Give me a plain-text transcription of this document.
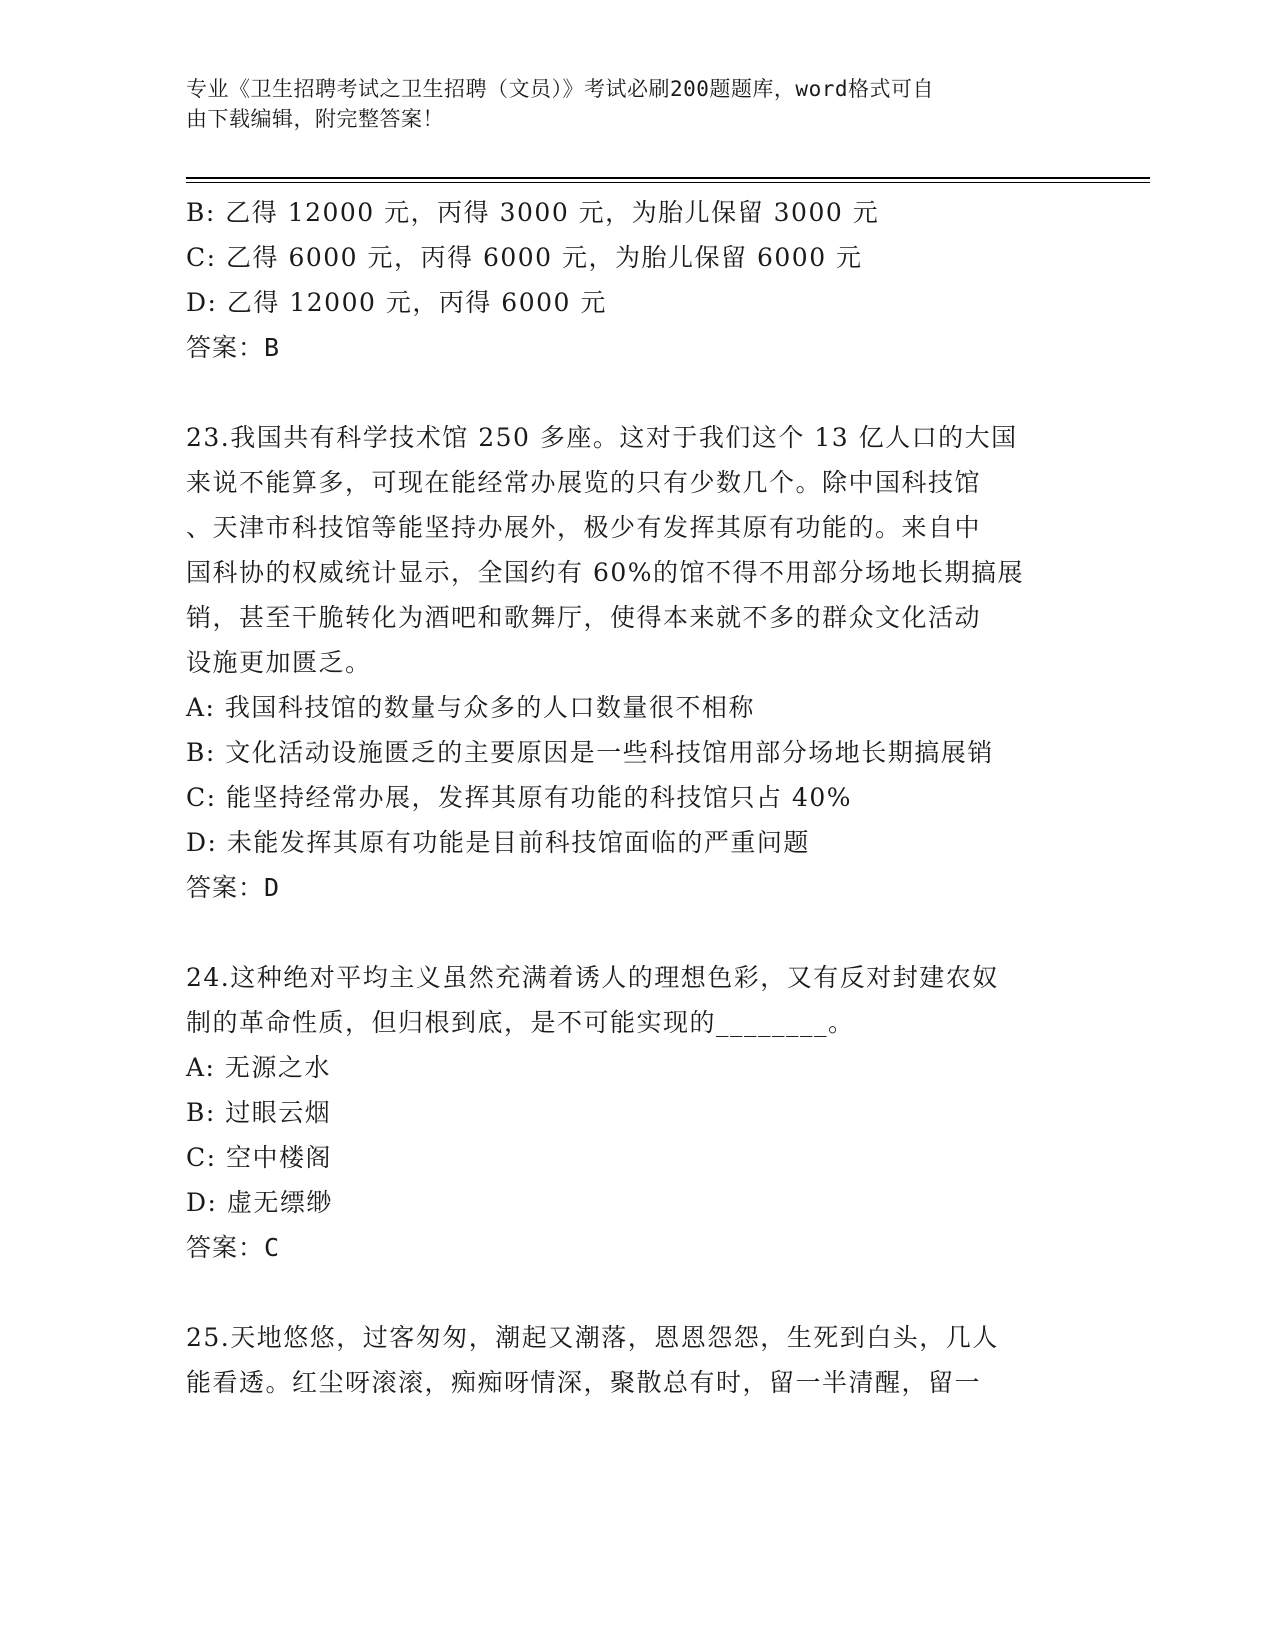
专业《卫生招聘考试之卫生招聘（文员）》考试必刷200题题库，word格式可自
由下载编辑，附完整答案！
B: 乙得 12000 元，丙得 3000 元，为胎儿保留 3000 元
C: 乙得 6000 元，丙得 6000 元，为胎儿保留 6000 元
D: 乙得 12000 元，丙得 6000 元
答案：B
23.我国共有科学技术馆 250 多座。这对于我们这个 13 亿人口的大国
来说不能算多，可现在能经常办展览的只有少数几个。除中国科技馆
、天津市科技馆等能坚持办展外，极少有发挥其原有功能的。来自中
国科协的权威统计显示，全国约有 60%的馆不得不用部分场地长期搞展
销，甚至干脆转化为酒吧和歌舞厅，使得本来就不多的群众文化活动
设施更加匮乏。
A: 我国科技馆的数量与众多的人口数量很不相称
B: 文化活动设施匮乏的主要原因是一些科技馆用部分场地长期搞展销
C: 能坚持经常办展，发挥其原有功能的科技馆只占 40%
D: 未能发挥其原有功能是目前科技馆面临的严重问题
答案：D
24.这种绝对平均主义虽然充满着诱人的理想色彩，又有反对封建农奴
制的革命性质，但归根到底，是不可能实现的________。
A: 无源之水
B: 过眼云烟
C: 空中楼阁
D: 虚无缥缈
答案：C
25.天地悠悠，过客匆匆，潮起又潮落，恩恩怨怨，生死到白头，几人
能看透。红尘呀滚滚，痴痴呀情深，聚散总有时，留一半清醒，留一
